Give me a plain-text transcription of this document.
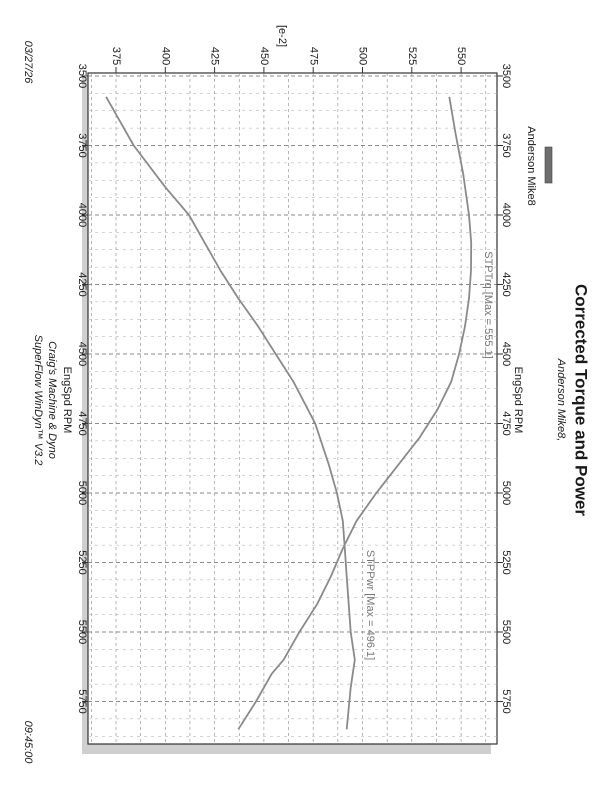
3500
3500
3750
3750
4000
4000
4250
4250
4500
4500
4750
4750
5000
5000
5250
5250
5500
5500
5750
5750
375	400	425	450	475	500	525	550
Corrected Torque and Power
Anderson Mike8,
[e-2]
EngSpd RPM
EngSpd RPM
Craig's Machine & Dyno
SuperFlow WinDyn™ V3.2
03/27/26
09:45:00
Anderson Mike8
STPTrq [Max = 555.1]
STPPwr [Max = 496.1]
